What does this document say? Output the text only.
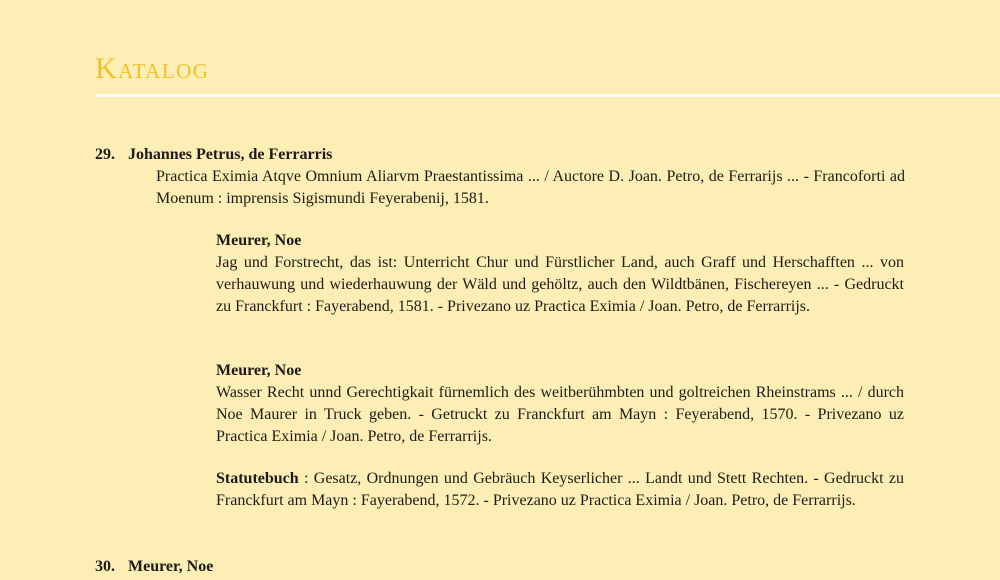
Katalog
29. Johannes Petrus, de Ferrarris
Practica Eximia Atqve Omnium Aliarvm Praestantissima ... / Auctore D. Joan. Petro, de Ferrarijs ... - Francoforti ad Moenum : imprensis Sigismundi Feyerabenij, 1581.
Meurer, Noe
Jag und Forstrecht, das ist: Unterricht Chur und Fürstlicher Land, auch Graff und Herschafften ... von verhauwung und wiederhauwung der Wäld und gehöltz, auch den Wildtbänen, Fischereyen ... - Gedruckt zu Franckfurt : Fayerabend, 1581. - Privezano uz Practica Eximia / Joan. Petro, de Ferrarrijs.
Meurer, Noe
Wasser Recht unnd Gerechtigkait fürnemlich des weitberühmbten und goltreichen Rheinstrams ... / durch Noe Maurer in Truck geben. - Getruckt zu Franckfurt am Mayn : Feyerabend, 1570. - Privezano uz Practica Eximia / Joan. Petro, de Ferrarrijs.
Statutebuch : Gesatz, Ordnungen und Gebräuch Keyserlicher ... Landt und Stett Rechten. - Gedruckt zu Franckfurt am Mayn : Fayerabend, 1572. - Privezano uz Practica Eximia / Joan. Petro, de Ferrarrijs.
30. Meurer, Noe
